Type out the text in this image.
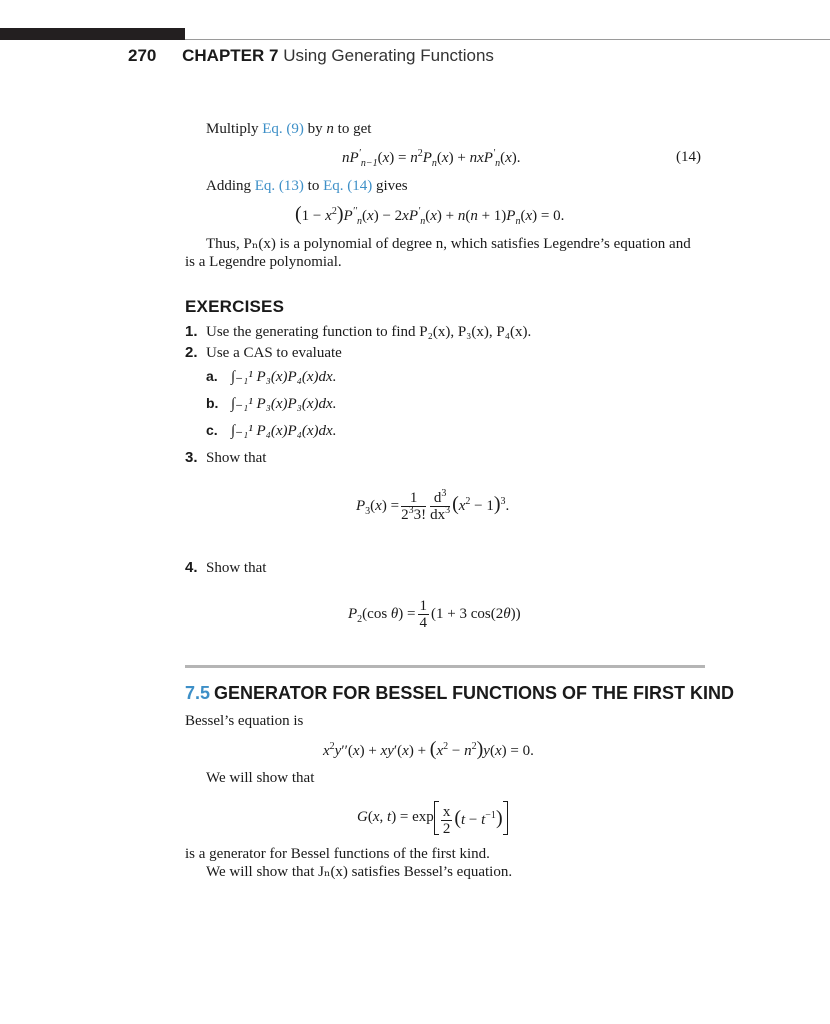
270 CHAPTER 7 Using Generating Functions
Multiply Eq. (9) by n to get
$nP'_{n-1}(x) = n^2P_n(x) + nxP'_n(x)$.	(14)
Adding Eq. (13) to Eq. (14) gives
$(1 - x^2)P''_n(x) - 2xP'_n(x) + n(n + 1)P_n(x) = 0$.
Thus, Pₙ(x) is a polynomial of degree n, which satisfies Legendre’s equation and
is a Legendre polynomial.
EXERCISES
1. Use the generating function to find P₂(x), P₃(x), P₄(x).
2. Use a CAS to evaluate
a. ∫₋₁¹ P₃(x)P₄(x)dx.
b. ∫₋₁¹ P₃(x)P₃(x)dx.
c. ∫₋₁¹ P₄(x)P₄(x)dx.
3. Show that
$P_3(x) = \frac{1}{2^33!} \frac{d^3}{dx^3} (x^2 - 1)^3$.
4. Show that
$P_2(\cos$ $\theta) = \frac{1}{4} (1 + 3$ cos(2θ))
7.5 GENERATOR FOR BESSEL FUNCTIONS OF THE FIRST KIND
Bessel’s equation is
$x^2y''(x) + xy'(x) + (x^2 - n^2)y(x) = 0$.
We will show that
G(x, $t) = \exp \frac{x}{2} (t - t^{-1})$
is a generator for Bessel functions of the first kind.
We will show that Jₙ(x) satisfies Bessel’s equation.
